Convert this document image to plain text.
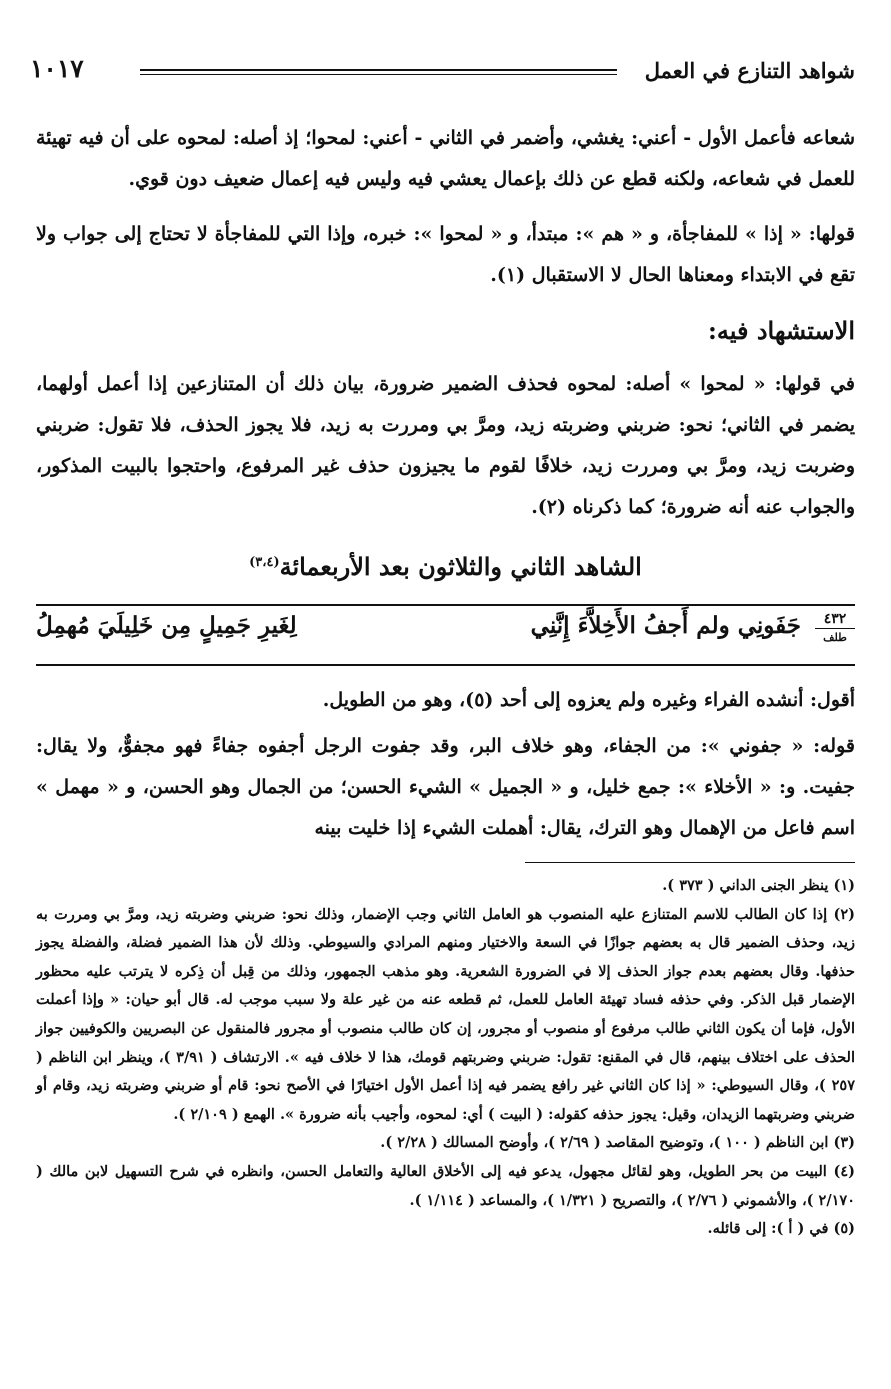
شواهد التنازع في العمل
١٠١٧

شعاعه فأعمل الأول - أعني: يغشي، وأضمر في الثاني - أعني: لمحوا؛ إذ أصله: لمحوه على أن فيه تهيئة للعمل في شعاعه، ولكنه قطع عن ذلك بإعمال يعشي فيه وليس فيه إعمال ضعيف دون قوي.

قولها: « إذا » للمفاجأة، و « هم »: مبتدأ، و « لمحوا »: خبره، وإذا التي للمفاجأة لا تحتاج إلى جواب ولا تقع في الابتداء ومعناها الحال لا الاستقبال (١).

الاستشهاد فيه:

في قولها: « لمحوا » أصله: لمحوه فحذف الضمير ضرورة، بيان ذلك أن المتنازعين إذا أعمل أولهما، يضمر في الثاني؛ نحو: ضربني وضربته زيد، ومرَّ بي ومررت به زيد، فلا يجوز الحذف، فلا تقول: ضربني وضربت زيد، ومرَّ بي ومررت زيد، خلافًا لقوم ما يجيزون حذف غير المرفوع، واحتجوا بالبيت المذكور، والجواب عنه أنه ضرورة؛ كما ذكرناه (٢).

الشاهد الثاني والثلاثون بعد الأربعمائة$^{(٣،٤)}$
٤٣٢
طلف
جَفَونِي ولم أَجفُ الأَخِلاَّءَ إِنَّنِي
لِغَيرِ جَمِيلٍ مِن خَلِيلَيَ مُهمِلُ

أقول: أنشده الفراء وغيره ولم يعزوه إلى أحد (٥)، وهو من الطويل.

قوله: « جفوني »: من الجفاء، وهو خلاف البر، وقد جفوت الرجل أجفوه جفاءً فهو مجفوٌّ، ولا يقال: جفيت. و: « الأخلاء »: جمع خليل، و « الجميل » الشيء الحسن؛ من الجمال وهو الحسن، و « مهمل » اسم فاعل من الإهمال وهو الترك، يقال: أهملت الشيء إذا خليت بينه

(١) ينظر الجنى الداني ( ٣٧٣ ).

(٢) إذا كان الطالب للاسم المتنازع عليه المنصوب هو العامل الثاني وجب الإضمار، وذلك نحو: ضربني وضربته زيد، ومرَّ بي ومررت به زيد، وحذف الضمير قال به بعضهم جوازًا في السعة والاختيار ومنهم المرادي والسيوطي. وذلك لأن هذا الضمير فضلة، والفضلة يجوز حذفها. وقال بعضهم بعدم جواز الحذف إلا في الضرورة الشعرية. وهو مذهب الجمهور، وذلك من قِبل أن ذِكره لا يترتب عليه محظور الإضمار قبل الذكر. وفي حذفه فساد تهيئة العامل للعمل، ثم قطعه عنه من غير علة ولا سبب موجب له. قال أبو حيان: « وإذا أعملت الأول، فإما أن يكون الثاني طالب مرفوع أو منصوب أو مجرور، إن كان طالب منصوب أو مجرور فالمنقول عن البصريين والكوفيين جواز الحذف على اختلاف بينهم، قال في المقنع: تقول: ضربني وضربتهم قومك، هذا لا خلاف فيه ». الارتشاف ( ٣/٩١ )، وينظر ابن الناظم ( ٢٥٧ )، وقال السيوطي: « إذا كان الثاني غير رافع يضمر فيه إذا أعمل الأول اختيارًا في الأصح نحو: قام أو ضربني وضربته زيد، وقام أو ضربني وضربتهما الزيدان، وقيل: يجوز حذفه كقوله: ( البيت ) أي: لمحوه، وأجيب بأنه ضرورة ». الهمع ( ٢/١٠٩ ).

(٣) ابن الناظم ( ١٠٠ )، وتوضيح المقاصد ( ٢/٦٩ )، وأوضح المسالك ( ٢/٢٨ ).

(٤) البيت من بحر الطويل، وهو لقائل مجهول، يدعو فيه إلى الأخلاق العالية والتعامل الحسن، وانظره في شرح التسهيل لابن مالك ( ٢/١٧٠ )، والأشموني ( ٢/٧٦ )، والتصريح ( ١/٣٢١ )، والمساعد ( ١/١١٤ ).

(٥) في ( أ ): إلى قائله.
